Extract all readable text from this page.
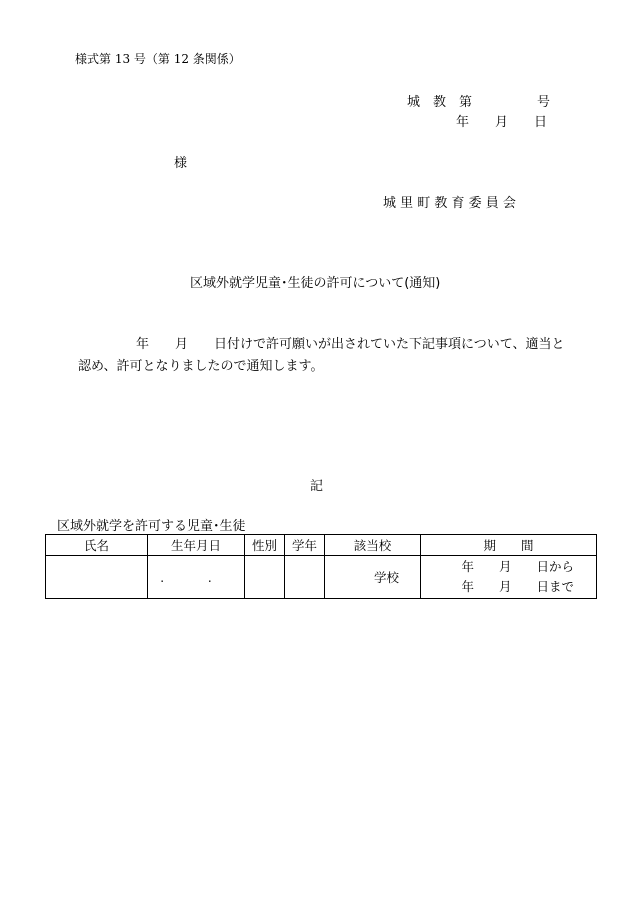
様式第 13 号（第 12 条関係）
城　教　第　　　　　号
年　　月　　日
様
城 里 町 教 育 委 員 会
区域外就学児童･生徒の許可について(通知)
年　　月　　日付けで許可願いが出されていた下記事項について、適当と
認め、許可となりましたので通知します。
記
区域外就学を許可する児童･生徒
氏名	生年月日	性別	学年	該当校	期　　間
	. .			学校	年　　月　　日から
年　　月　　日まで
